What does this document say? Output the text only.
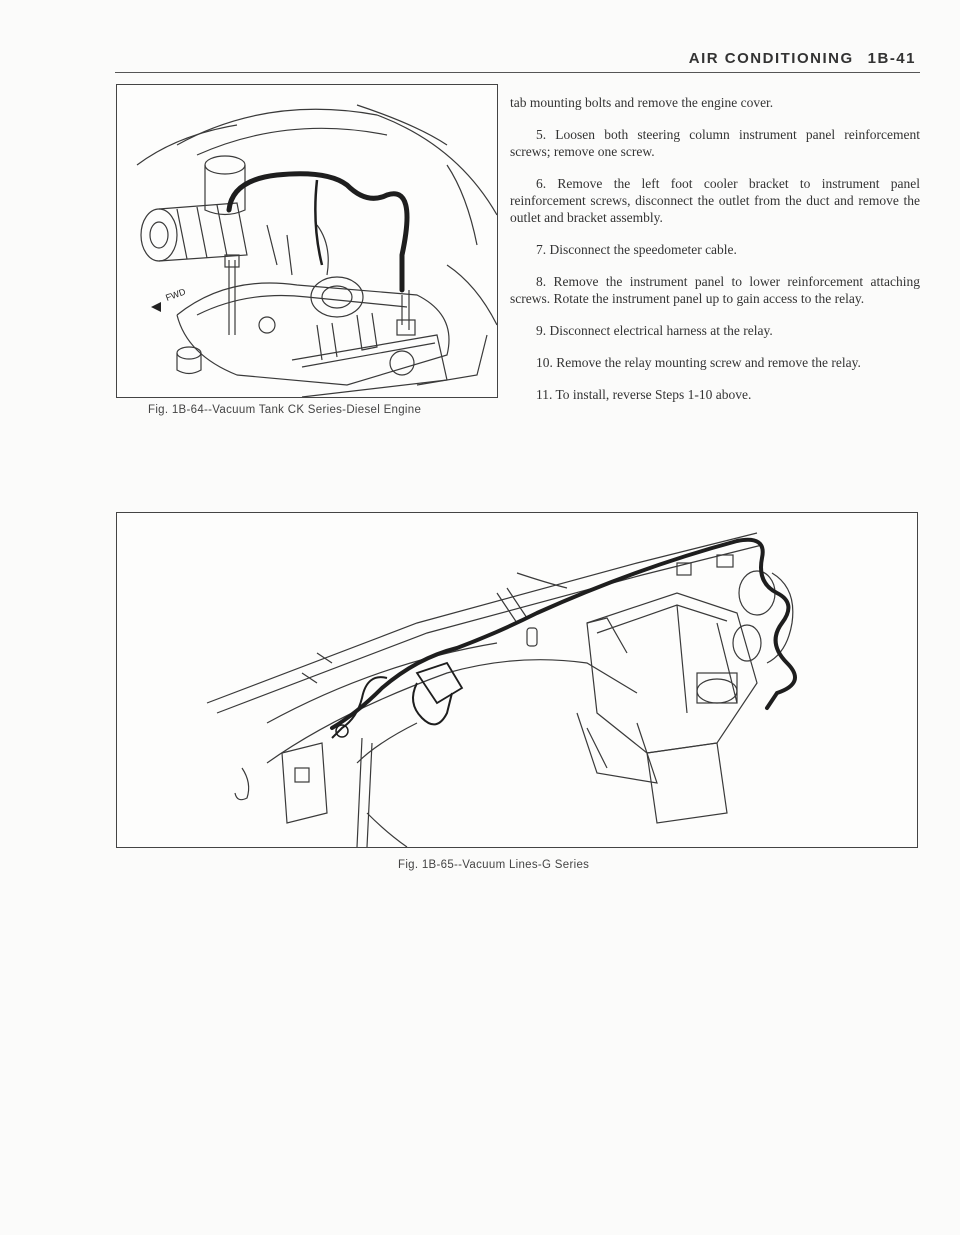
AIR CONDITIONING 1B-41
FWD
Fig. 1B-64--Vacuum Tank CK Series-Diesel Engine

tab mounting bolts and remove the engine cover.

5. Loosen both steering column instrument panel reinforcement screws; remove one screw.

6. Remove the left foot cooler bracket to instrument panel reinforcement screws, disconnect the outlet from the duct and remove the outlet and bracket assembly.

7. Disconnect the speedometer cable.

8. Remove the instrument panel to lower reinforcement attaching screws. Rotate the instrument panel up to gain access to the relay.

9. Disconnect electrical harness at the relay.

10. Remove the relay mounting screw and remove the relay.

11. To install, reverse Steps 1-10 above.

Fig. 1B-65--Vacuum Lines-G Series
